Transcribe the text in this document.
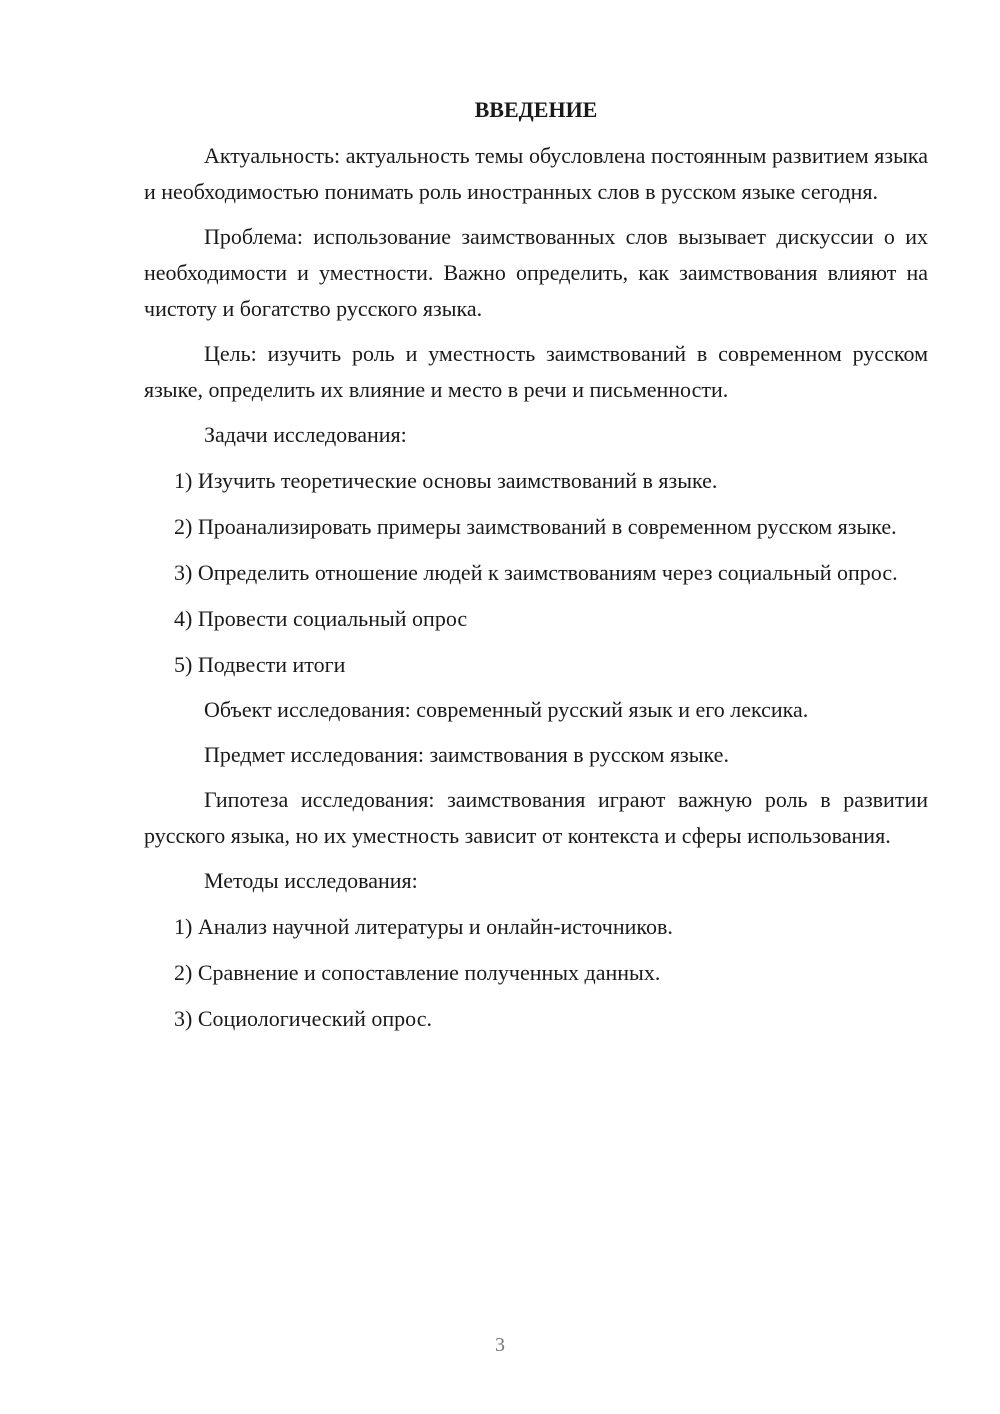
ВВЕДЕНИЕ

Актуальность: актуальность темы обусловлена постоянным развитием языка и необходимостью понимать роль иностранных слов в русском языке сегодня.

Проблема: использование заимствованных слов вызывает дискуссии о их необходимости и уместности. Важно определить, как заимствования влияют на чистоту и богатство русского языка.

Цель: изучить роль и уместность заимствований в современном русском языке, определить их влияние и место в речи и письменности.

Задачи исследования:

1) Изучить теоретические основы заимствований в языке.

2) Проанализировать примеры заимствований в современном русском языке.

3) Определить отношение людей к заимствованиям через социальный опрос.

4) Провести социальный опрос

5) Подвести итоги

Объект исследования: современный русский язык и его лексика.

Предмет исследования: заимствования в русском языке.

Гипотеза исследования: заимствования играют важную роль в развитии русского языка, но их уместность зависит от контекста и сферы использования.

Методы исследования:

1) Анализ научной литературы и онлайн-источников.

2) Сравнение и сопоставление полученных данных.

3) Социологический опрос.

3
